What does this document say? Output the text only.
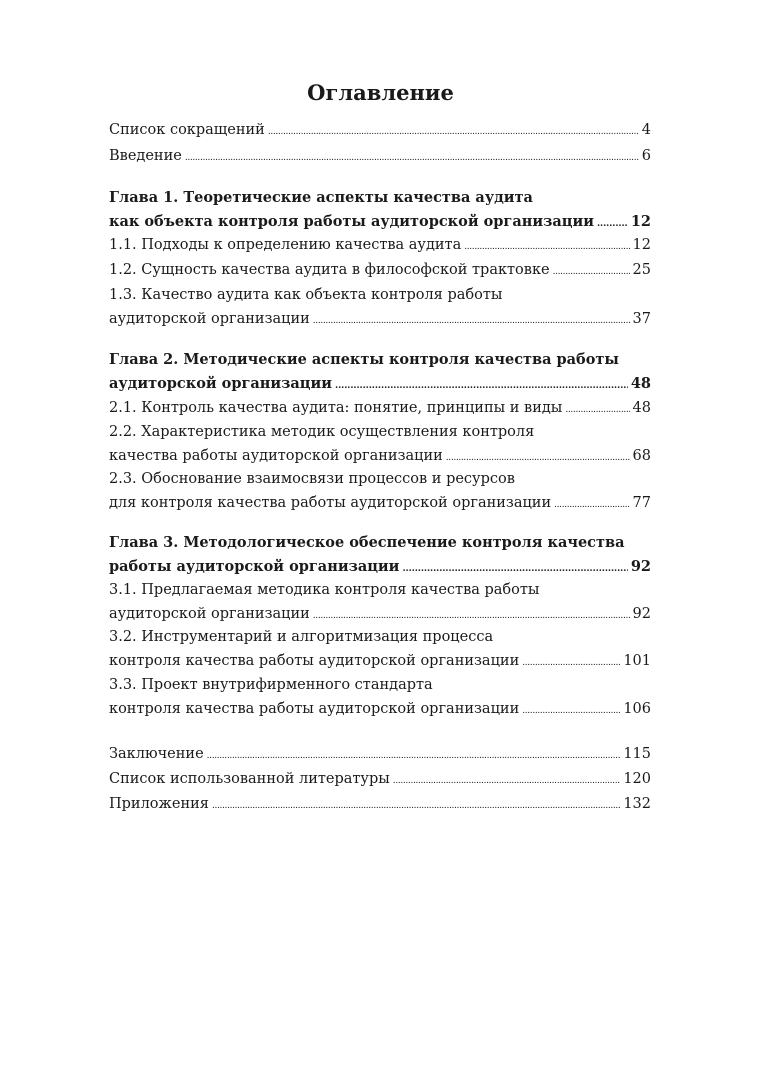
Оглавление
Список сокращений . . .	4
Введение . . .	6
Глава 1. Теоретические аспекты качества аудита
как объекта контроля работы аудиторской организации . . .	12
1.1. Подходы к определению качества аудита . . .	12
1.2. Сущность качества аудита в философской трактовке . . .	25
1.3. Качество аудита как объекта контроля работы
аудиторской организации . . .	37
Глава 2. Методические аспекты контроля качества работы
аудиторской организации . . .	48
2.1. Контроль качества аудита: понятие, принципы и виды . . .	48
2.2. Характеристика методик осуществления контроля
качества работы аудиторской организации . . .	68
2.3. Обоснование взаимосвязи процессов и ресурсов
для контроля качества работы аудиторской организации . . .	77
Глава 3. Методологическое обеспечение контроля качества
работы аудиторской организации . . .	92
3.1. Предлагаемая методика контроля качества работы
аудиторской организации . . .	92
3.2. Инструментарий и алгоритмизация процесса
контроля качества работы аудиторской организации . . .	101
3.3. Проект внутрифирменного стандарта
контроля качества работы аудиторской организации . . .	106
Заключение . . .	115
Список использованной литературы . . .	120
Приложения . . .	132
